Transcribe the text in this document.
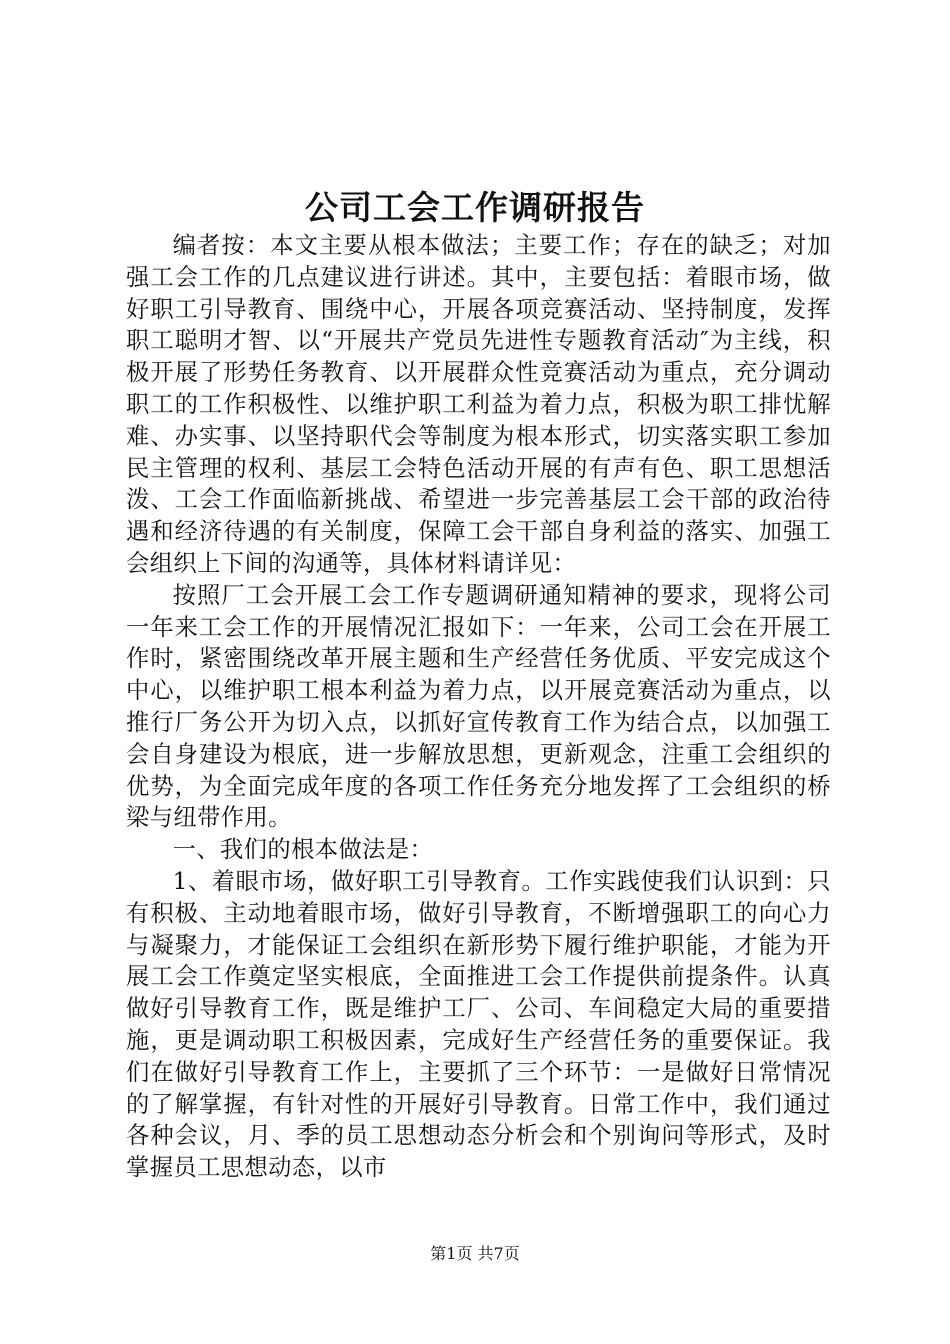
公司工会工作调研报告

编者按：本文主要从根本做法；主要工作；存在的缺乏；对加强工会工作的几点建议进行讲述。其中，主要包括：着眼市场，做好职工引导教育、围绕中心，开展各项竞赛活动、坚持制度，发挥职工聪明才智、以“开展共产党员先进性专题教育活动″为主线，积极开展了形势任务教育、以开展群众性竞赛活动为重点，充分调动职工的工作积极性、以维护职工利益为着力点，积极为职工排忧解难、办实事、以坚持职代会等制度为根本形式，切实落实职工参加民主管理的权利、基层工会特色活动开展的有声有色、职工思想活泼、工会工作面临新挑战、希望进一步完善基层工会干部的政治待遇和经济待遇的有关制度，保障工会干部自身利益的落实、加强工会组织上下间的沟通等，具体材料请详见：

按照厂工会开展工会工作专题调研通知精神的要求，现将公司一年来工会工作的开展情况汇报如下：一年来，公司工会在开展工作时，紧密围绕改革开展主题和生产经营任务优质、平安完成这个中心，以维护职工根本利益为着力点，以开展竞赛活动为重点，以推行厂务公开为切入点，以抓好宣传教育工作为结合点，以加强工会自身建设为根底，进一步解放思想，更新观念，注重工会组织的优势，为全面完成年度的各项工作任务充分地发挥了工会组织的桥梁与纽带作用。

一、我们的根本做法是：

1、着眼市场，做好职工引导教育。工作实践使我们认识到：只有积极、主动地着眼市场，做好引导教育，不断增强职工的向心力与凝聚力，才能保证工会组织在新形势下履行维护职能，才能为开展工会工作奠定坚实根底，全面推进工会工作提供前提条件。认真做好引导教育工作，既是维护工厂、公司、车间稳定大局的重要措施，更是调动职工积极因素，完成好生产经营任务的重要保证。我们在做好引导教育工作上，主要抓了三个环节：一是做好日常情况的了解掌握，有针对性的开展好引导教育。日常工作中，我们通过各种会议，月、季的员工思想动态分析会和个别询问等形式，及时掌握员工思想动态，以市

第1页 共7页
